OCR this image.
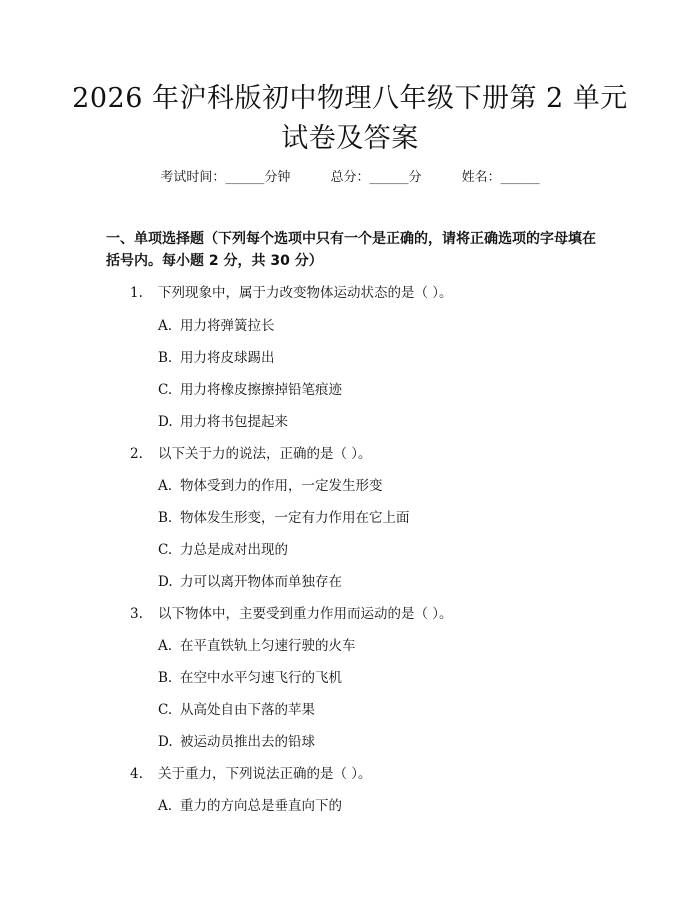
2026 年沪科版初中物理八年级下册第 2 单元
试卷及答案
考试时间：______分钟	总分：______分	姓名：______
一、单项选择题（下列每个选项中只有一个是正确的，请将正确选项的字母填在
括号内。每小题 2 分，共 30 分）
1. 下列现象中，属于力改变物体运动状态的是（ ）。
A. 用力将弹簧拉长
B. 用力将皮球踢出
C. 用力将橡皮擦擦掉铅笔痕迹
D. 用力将书包提起来
2. 以下关于力的说法，正确的是（ ）。
A. 物体受到力的作用，一定发生形变
B. 物体发生形变，一定有力作用在它上面
C. 力总是成对出现的
D. 力可以离开物体而单独存在
3. 以下物体中，主要受到重力作用而运动的是（ ）。
A. 在平直铁轨上匀速行驶的火车
B. 在空中水平匀速飞行的飞机
C. 从高处自由下落的苹果
D. 被运动员推出去的铅球
4. 关于重力，下列说法正确的是（ ）。
A. 重力的方向总是垂直向下的
